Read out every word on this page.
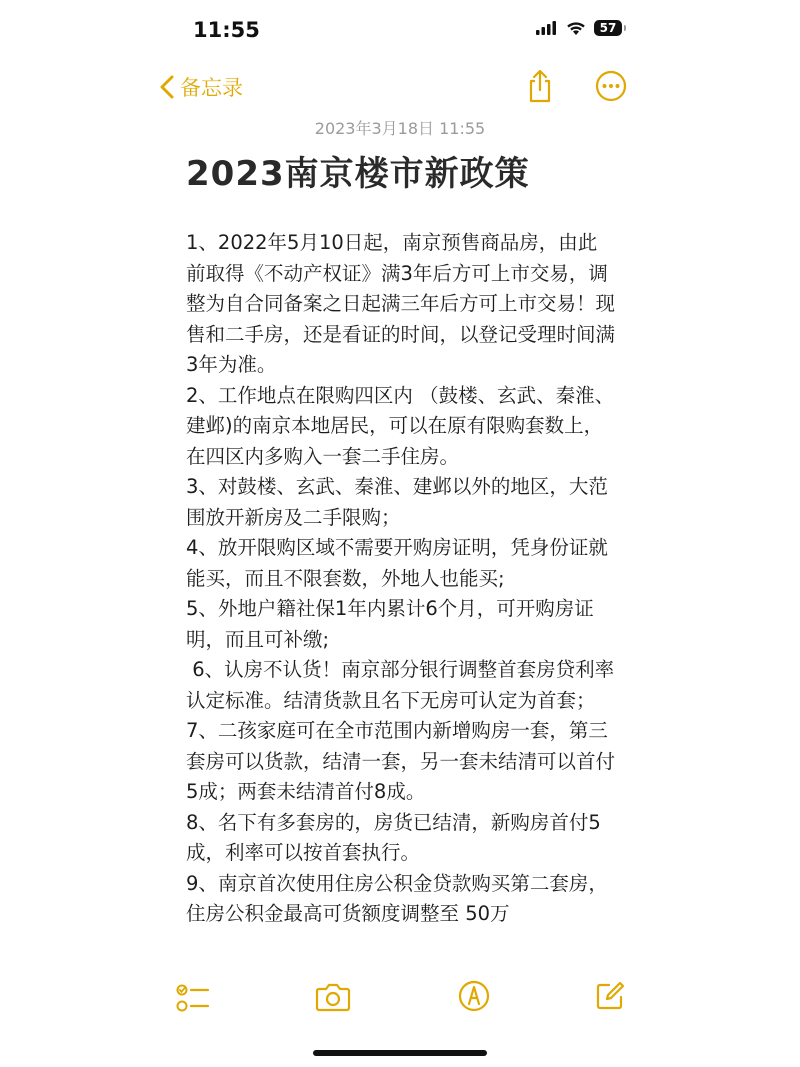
11:55	57
备忘录
2023年3月18日 11:55
2023南京楼市新政策

1、2022年5月10日起，南京预售商品房，由此前取得《不动产权证》满3年后方可上市交易，调整为自合同备案之日起满三年后方可上市交易！现售和二手房，还是看证的时间，以登记受理时间满3年为准。

2、工作地点在限购四区内 （鼓楼、玄武、秦淮、建邺)的南京本地居民，可以在原有限购套数上，在四区内多购入一套二手住房。

3、对鼓楼、玄武、秦淮、建邺以外的地区，大范围放开新房及二手限购；

4、放开限购区域不需要开购房证明，凭身份证就能买，而且不限套数，外地人也能买;

5、外地户籍社保1年内累计6个月，可开购房证明，而且可补缴;

6、认房不认货！南京部分银行调整首套房贷利率认定标准。结清货款且名下无房可认定为首套；

7、二孩家庭可在全市范围内新增购房一套，第三套房可以货款，结清一套，另一套未结清可以首付5成；两套未结清首付8成。

8、名下有多套房的，房货已结清，新购房首付5成，利率可以按首套执行。

9、南京首次使用住房公积金贷款购买第二套房，住房公积金最高可货额度调整至 50万
